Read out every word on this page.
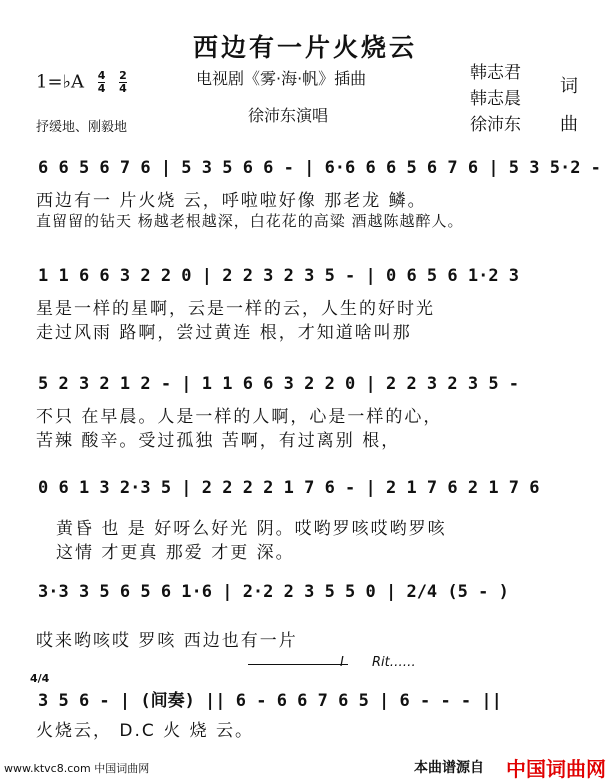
西边有一片火烧云
1=♭A $\frac{4}{4}$
$\frac{2}{4}$
抒缓地、刚毅地
电视剧《雾·海·帆》插曲
徐沛东演唱
韩志君
韩志晨
徐沛东
词
曲
6 6 5 6 7 6 | 5 3 5 6 6 - | 6·6 6 6 5 6 7 6 | 5 3 5·2 -
西边有一 片火烧 云，呼啦啦好像 那老龙 鳞。
直留留的钻天 杨越老根越深，白花花的高粱 酒越陈越醉人。
1 1 6 6 3 2 2 0 | 2 2 3 2 3 5 - | 0 6 5 6 1·2 3
星是一样的星啊，云是一样的云，人生的好时光
走过风雨 路啊，尝过黄连 根，才知道啥叫那
5 2 3 2 1 2 - | 1 1 6 6 3 2 2 0 | 2 2 3 2 3 5 -
不只 在早晨。人是一样的人啊，心是一样的心，
苦辣 酸辛。受过孤独 苦啊，有过离别 根，
0 6 1 3 2·3 5 | 2 2 2 2 1 7 6 - | 2 1 7 6 2 1 7 6
黄昏 也 是 好呀么好光 阴。哎哟罗咳哎哟罗咳
这情 才更真 那爱 才更 深。
3·3 3 5 6 5 6 1·6 | 2·2 2 3 5 5 0 | 2/4 (5 - )
哎来哟咳哎 罗咳 西边也有一片
I Rit……
4/4
3 5 6 - | (间奏) || 6 - 6 6 7 6 5 | 6 - - - ||
火烧云， D.C 火 烧 云。
www.ktvc8.com 中国词曲网	本曲谱源自 中国词曲网
